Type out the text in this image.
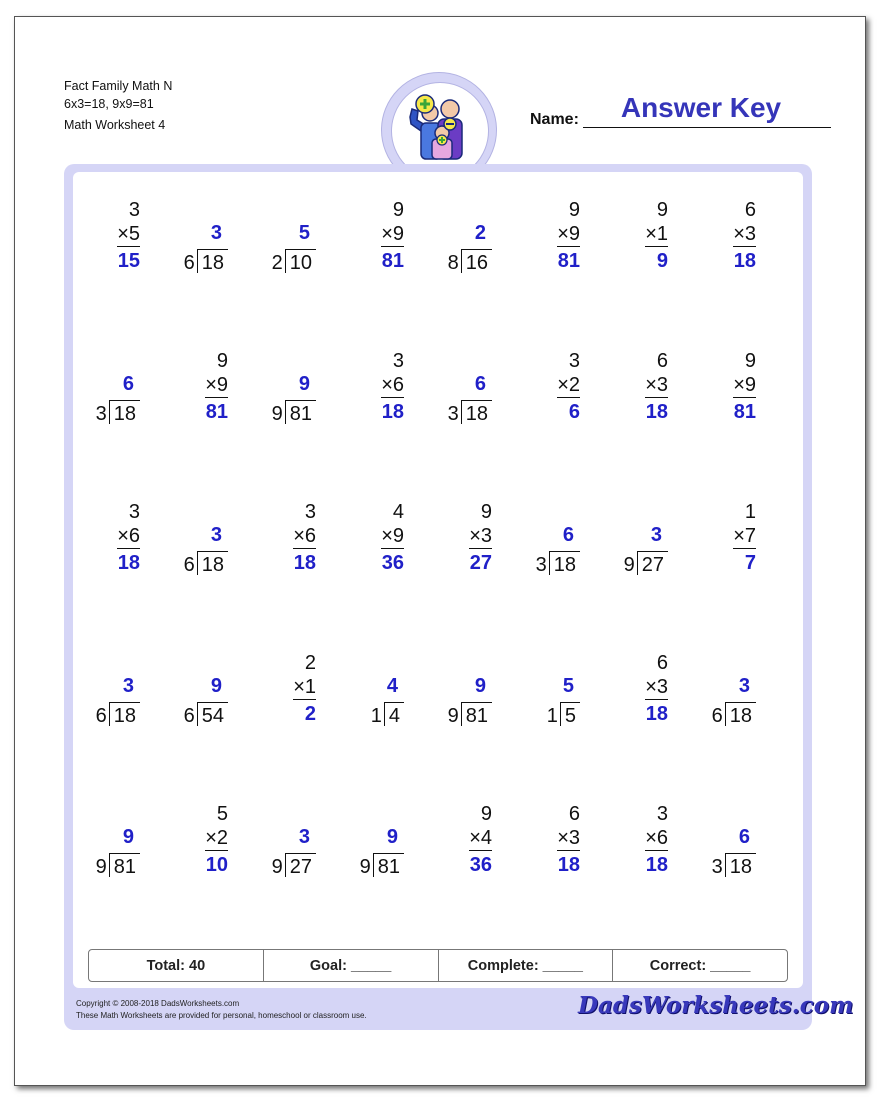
Fact Family Math N
6x3=18, 9x9=81
Math Worksheet 4	Name:	Answer Key
3
×5
15
3
6 18
5
2 10
9
×9
81
2
8 16
9
×9
81
9
×1
9
6
×3
18
6
3 18
9
×9
81
9
9 81
3
×6
18
6
3 18
3
×2
6
6
×3
18
9
×9
81
3
×6
18
3
6 18
3
×6
18
4
×9
36
9
×3
27
6
3 18
3
9 27
1
×7
7
3
6 18
9
6 54
2
×1
2
4
1 4
9
9 81
5
1 5
6
×3
18
3
6 18
9
9 81
5
×2
10
3
9 27
9
9 81
9
×4
36
6
×3
18
3
×6
18
6
3 18
Total: 40	Goal: _____	Complete: _____	Correct: _____
Copyright © 2008-2018 DadsWorksheets.com
These Math Worksheets are provided for personal, homeschool or classroom use.	DadsWorksheets.com
